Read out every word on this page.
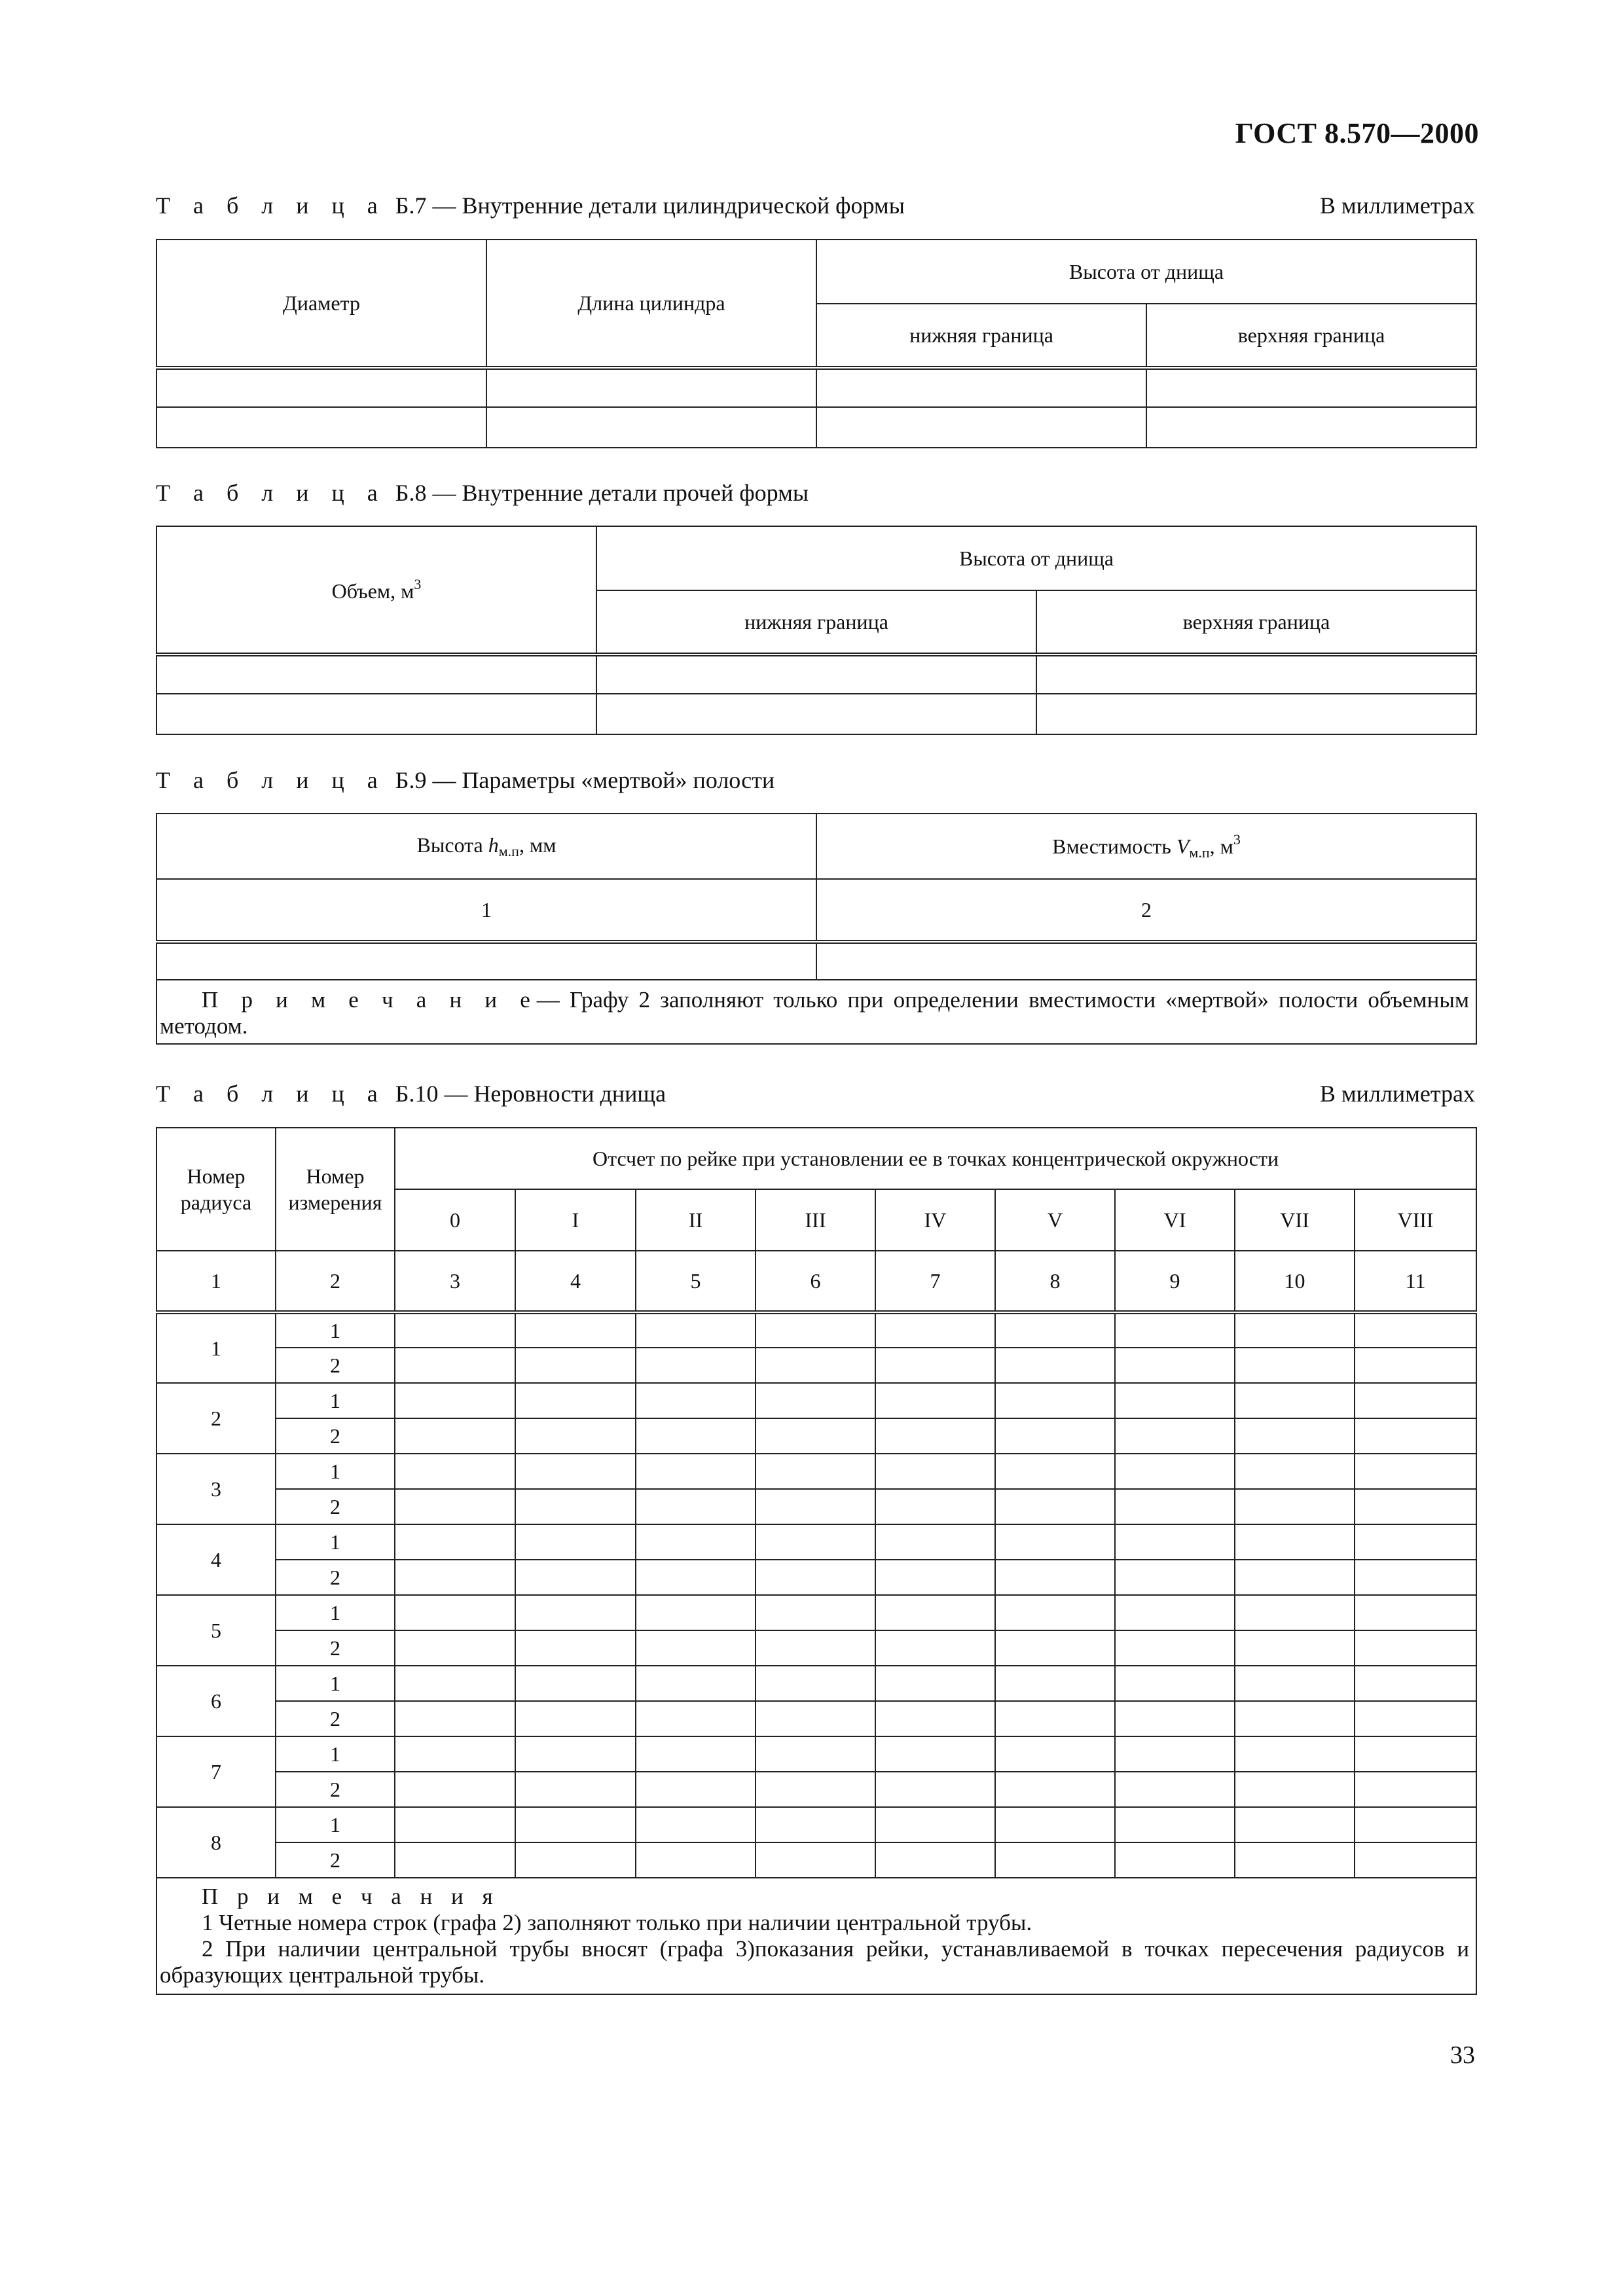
ГОСТ 8.570—2000
Т а б л и ц а Б.7 — Внутренние детали цилиндрической формы	В миллиметрах
Диаметр	Длина цилиндра	Высота от днища	
		нижняя граница	верхняя граница

Т а б л и ц а Б.8 — Внутренние детали прочей формы
Объем, $м^3$	Высота от днища	
	нижняя граница	верхняя граница

Т а б л и ц а Б.9 — Параметры «мертвой» полости
Высота $h_{м.п}$, мм	Вместимость $V_{м.п}$, $м^3$
1	2

П р и м е ч а н и е— Графу 2 заполняют только при определении вместимости «мертвой» полости объемным методом.	
Т а б л и ц а Б.10 — Неровности днища	В миллиметрах
Номер радиуса	Номер измерения	Отсчет по рейке при установлении ее в точках концентрической окружности								
		0	I	II	III	IV	V	VI	VII	VIII
1	2	3	4	5	6	7	8	9	10	11
1	1									
	2									
2	1									
	2									
3	1									
	2									
4	1									
	2									
5	1									
	2									
6	1									
	2									
7	1									
	2									
8	1									
	2									

П р и м е ч а н и я

1 Четные номера строк (графа 2) заполняют только при наличии центральной трубы.

2 При наличии центральной трубы вносят (графа 3)показания рейки, устанавливаемой в точках пересечения радиусов и образующих центральной трубы.										

33
